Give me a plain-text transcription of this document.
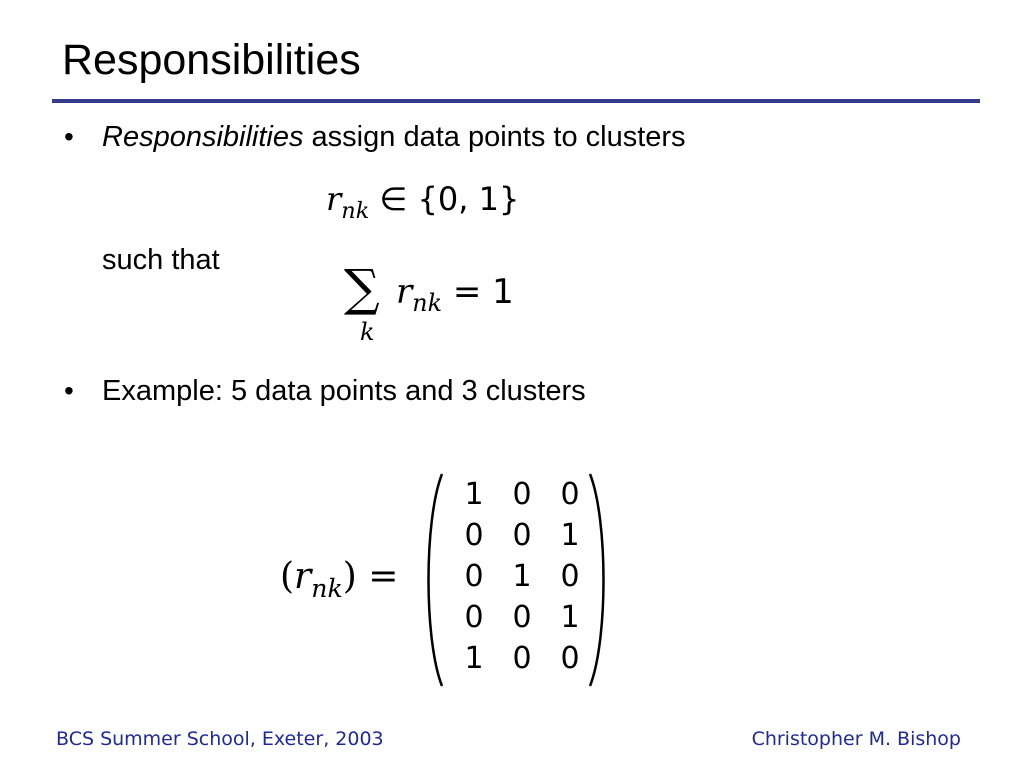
Responsibilities
• Responsibilities assign data points to clusters
$r_{nk}$ ∈ {0, 1}
such that ∑
k
$r_{nk} = 1$
• Example: 5 data points and 3 clusters
$(r_{nk})$ =
1 0 0
0 0 1
0 1 0
0 0 1
1 0 0
BCS Summer School, Exeter, 2003	Christopher M. Bishop
